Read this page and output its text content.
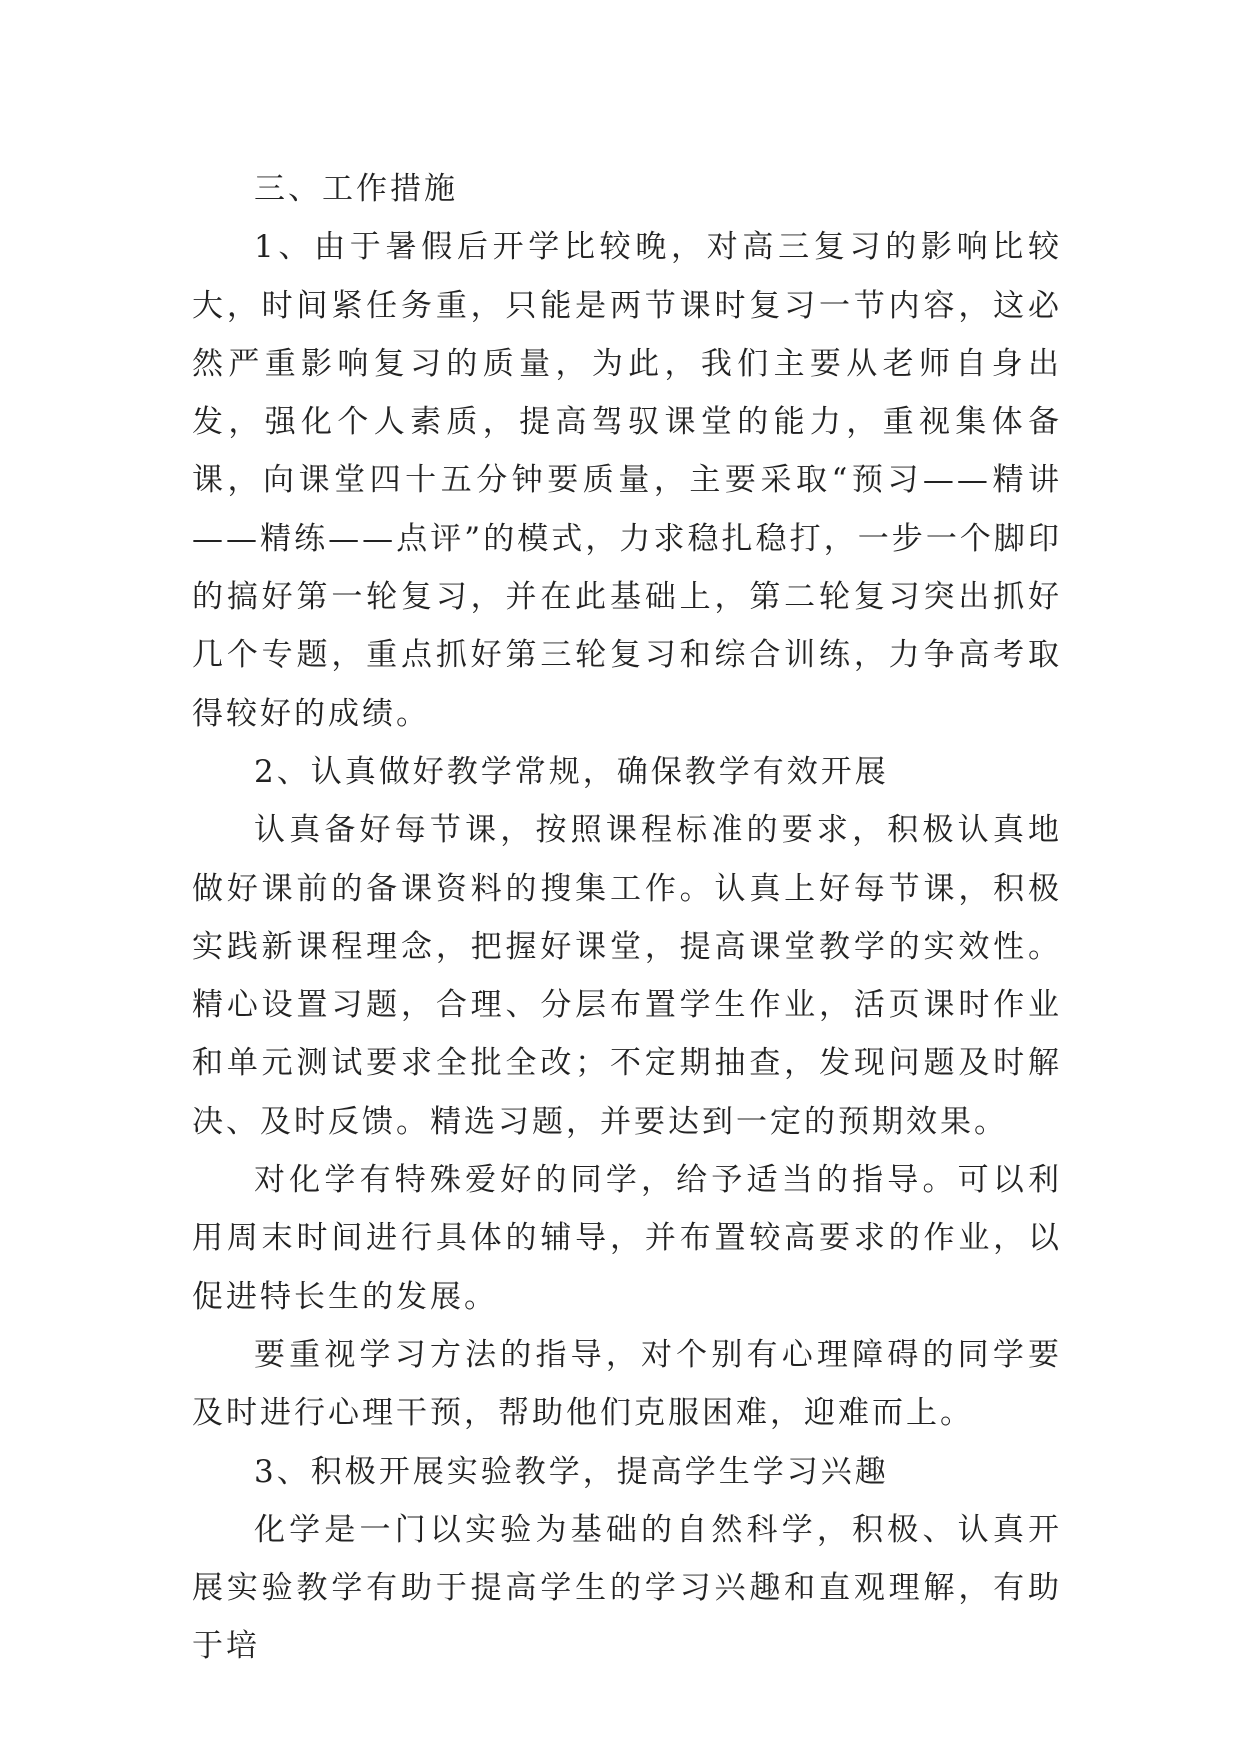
三、工作措施

1、由于暑假后开学比较晚，对高三复习的影响比较大，时间紧任务重，只能是两节课时复习一节内容，这必然严重影响复习的质量，为此，我们主要从老师自身出发，强化个人素质，提高驾驭课堂的能力，重视集体备课，向课堂四十五分钟要质量，主要采取“预习——精讲——精练——点评”的模式，力求稳扎稳打，一步一个脚印的搞好第一轮复习，并在此基础上，第二轮复习突出抓好几个专题，重点抓好第三轮复习和综合训练，力争高考取得较好的成绩。

2、认真做好教学常规，确保教学有效开展

认真备好每节课，按照课程标准的要求，积极认真地做好课前的备课资料的搜集工作。认真上好每节课，积极实践新课程理念，把握好课堂，提高课堂教学的实效性。精心设置习题，合理、分层布置学生作业，活页课时作业和单元测试要求全批全改；不定期抽查，发现问题及时解决、及时反馈。精选习题，并要达到一定的预期效果。

对化学有特殊爱好的同学，给予适当的指导。可以利用周末时间进行具体的辅导，并布置较高要求的作业，以促进特长生的发展。

要重视学习方法的指导，对个别有心理障碍的同学要及时进行心理干预，帮助他们克服困难，迎难而上。

3、积极开展实验教学，提高学生学习兴趣

化学是一门以实验为基础的自然科学，积极、认真开展实验教学有助于提高学生的学习兴趣和直观理解，有助于培
